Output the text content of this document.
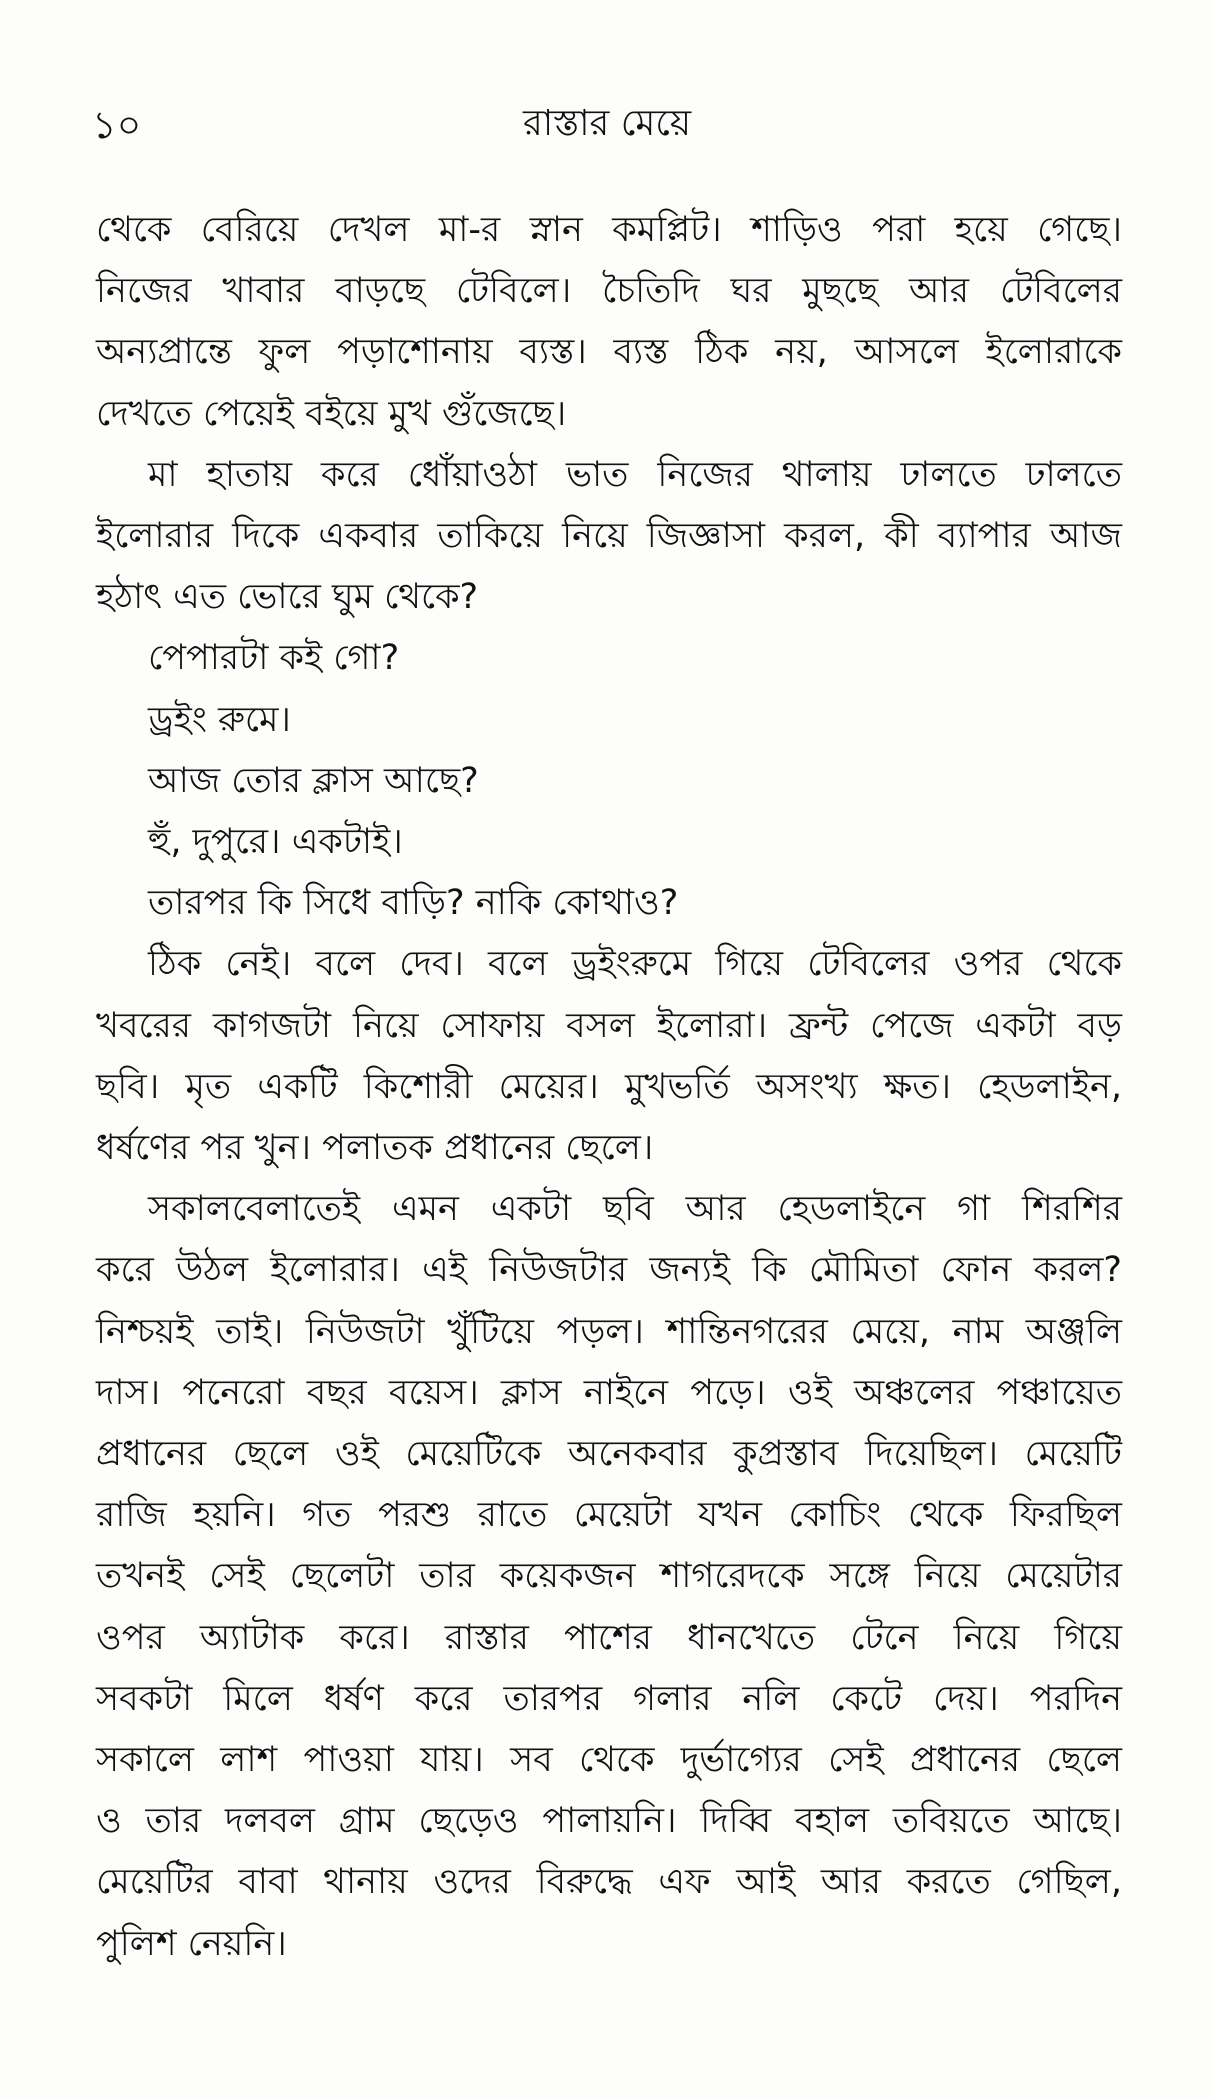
১০	রাস্তার মেয়ে
থেকে বেরিয়ে দেখল মা-র স্নান কমপ্লিট। শাড়িও পরা হয়ে গেছে।
নিজের খাবার বাড়ছে টেবিলে। চৈতিদি ঘর মুছছে আর টেবিলের
অন্যপ্রান্তে ফুল পড়াশোনায় ব্যস্ত। ব্যস্ত ঠিক নয়, আসলে ইলোরাকে
দেখতে পেয়েই বইয়ে মুখ গুঁজেছে।
মা হাতায় করে ধোঁয়াওঠা ভাত নিজের থালায় ঢালতে ঢালতে
ইলোরার দিকে একবার তাকিয়ে নিয়ে জিজ্ঞাসা করল, কী ব্যাপার আজ
হঠাৎ এত ভোরে ঘুম থেকে?
পেপারটা কই গো?
ড্রইং রুমে।
আজ তোর ক্লাস আছে?
হুঁ, দুপুরে। একটাই।
তারপর কি সিধে বাড়ি? নাকি কোথাও?
ঠিক নেই। বলে দেব। বলে ড্রইংরুমে গিয়ে টেবিলের ওপর থেকে
খবরের কাগজটা নিয়ে সোফায় বসল ইলোরা। ফ্রন্ট পেজে একটা বড়
ছবি। মৃত একটি কিশোরী মেয়ের। মুখভর্তি অসংখ্য ক্ষত। হেডলাইন,
ধর্ষণের পর খুন। পলাতক প্রধানের ছেলে।
সকালবেলাতেই এমন একটা ছবি আর হেডলাইনে গা শিরশির
করে উঠল ইলোরার। এই নিউজটার জন্যই কি মৌমিতা ফোন করল?
নিশ্চয়ই তাই। নিউজটা খুঁটিয়ে পড়ল। শান্তিনগরের মেয়ে, নাম অঞ্জলি
দাস। পনেরো বছর বয়েস। ক্লাস নাইনে পড়ে। ওই অঞ্চলের পঞ্চায়েত
প্রধানের ছেলে ওই মেয়েটিকে অনেকবার কুপ্রস্তাব দিয়েছিল। মেয়েটি
রাজি হয়নি। গত পরশু রাতে মেয়েটা যখন কোচিং থেকে ফিরছিল
তখনই সেই ছেলেটা তার কয়েকজন শাগরেদকে সঙ্গে নিয়ে মেয়েটার
ওপর অ্যাটাক করে। রাস্তার পাশের ধানখেতে টেনে নিয়ে গিয়ে
সবকটা মিলে ধর্ষণ করে তারপর গলার নলি কেটে দেয়। পরদিন
সকালে লাশ পাওয়া যায়। সব থেকে দুর্ভাগ্যের সেই প্রধানের ছেলে
ও তার দলবল গ্রাম ছেড়েও পালায়নি। দিব্বি বহাল তবিয়তে আছে।
মেয়েটির বাবা থানায় ওদের বিরুদ্ধে এফ আই আর করতে গেছিল,
পুলিশ নেয়নি।
